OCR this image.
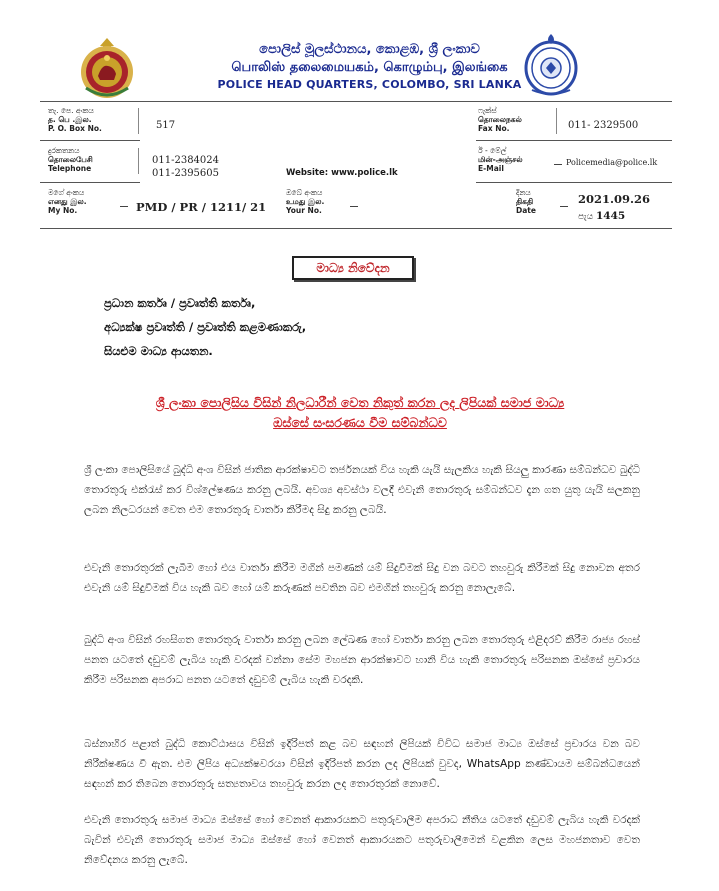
පොලිස් මූලස්ථානය, කොළඹ, ශ්‍රී ලංකාව
பொலிஸ் தலைமையகம், கொழும்பு, இலங்கை
POLICE HEAD QUARTERS, COLOMBO, SRI LANKA
තැ. පෙ. අංකය
த. பெ .இல.
P. O. Box No.	517
ෆැක්ස්
தொலைநகல்
Fax No.	011- 2329500
දුරකතනය
தொலைபேசி
Telephone
011-2384024
011-2395605	Website: www.police.lk
ඊ - මේල්
மின்-அஞ்சல்
E-Mail
Policemedia@police.lk
මගේ අංකය
எனது இல.
My No.	PMD / PR / 1211/ 21
ඔබේ අංකය
உமது இல.
Your No.
දිනය
திகதி
Date
2021.09.26
පැය 1445
මාධ්‍ය නිවේදන
ප්‍රධාන කර්තෘ / ප්‍රවෘත්ති කර්තෘ,
අධ්‍යක්ෂ ප්‍රවෘත්ති / ප්‍රවෘත්ති කළමණාකරු,
සියළුම මාධ්‍ය ආයතන.
ශ්‍රී ලංකා පොලිසිය විසින් නිලධාරීන් වෙත නිකුත් කරන ලද ලිපියක් සමාජ මාධ්‍ය
ඔස්සේ සංසරණය වීම සම්බන්ධව

ශ්‍රී ලංකා පොලිසියේ බුද්ධි අංශ විසින් ජාතික ආරක්ෂාවට තර්ජනයක් විය හැකි යැයි සැලකිය හැකි සියලු කාරණා සම්බන්ධව බුද්ධි තොරතුරු එක්රැස් කර විශ්ලේෂණය කරනු ලබයි. අවශ්‍ය අවස්ථා වලදී එවැනි තොරතුරු සම්බන්ධව දැන ගත යුතු යැයි සලකනු ලබන නිලධරයන් වෙත එම තොරතුරු වාර්තා කිරීමද සිදු කරනු ලබයි.

එවැනි තොරතුරක් ලැබීම හෝ එය වාර්තා කිරීම මගින් පමණක් යම් සිදුවීමක් සිදු වන බවට තහවුරු කිරීමක් සිදු නොවන අතර එවැනි යම් සිදුවීමක් විය හැකි බව හෝ යම් කරුණක් පවතින බව එමගින් තහවුරු කරනු නොලැබේ.

බුද්ධි අංශ විසින් රහසිගත තොරතුරු වාර්තා කරනු ලබන ලේඛණ හෝ වාර්තා කරනු ලබන තොරතුරු එළිදරව් කිරීම රාජ්‍ය රහස් පනත යටතේ දඩුවම් ලැබිය හැකි වරදක් වන්නා සේම මහජන ආරක්ෂාවට හානි විය හැකි තොරතුරු පරිසනක ඔස්සේ ප්‍රචාරය කිරීම පරිසනක අපරාධ පනත යටතේ දඩුවම් ලැබිය හැකි වරදකි.

බස්නාහිර පළාත් බුද්ධි කොට්ඨාසය විසින් ඉදිරිපත් කළ බව සඳහන් ලිපියක් විවිධ සමාජ මාධ්‍ය ඔස්සේ ප්‍රචාරය වන බව නිරීක්ෂණය වී ඇත. එම ලිපිය අධ්‍යක්ෂවරයා විසින් ඉදිරිපත් කරන ලද ලිපියක් වුවද, WhatsApp කණ්ඩායම සම්බන්ධයෙන් සඳහන් කර තිබෙන තොරතුරු සත්‍යතාවය තහවුරු කරන ලද තොරතුරක් නොවේ.

එවැනි තොරතුරු සමාජ මාධ්‍ය ඔස්සේ හෝ වෙනත් ආකාරයකට පතුරුවාලීම අපරාධ නීතිය යටතේ දඩුවම් ලැබිය හැකි වරදක් බැවින් එවැනි තොරතුරු සමාජ මාධ්‍ය ඔස්සේ හෝ වෙනත් ආකාරයකට පතුරුවාලීමෙන් වළකින ලෙස මහජනතාව වෙත නිවේදනය කරනු ලැබේ.
